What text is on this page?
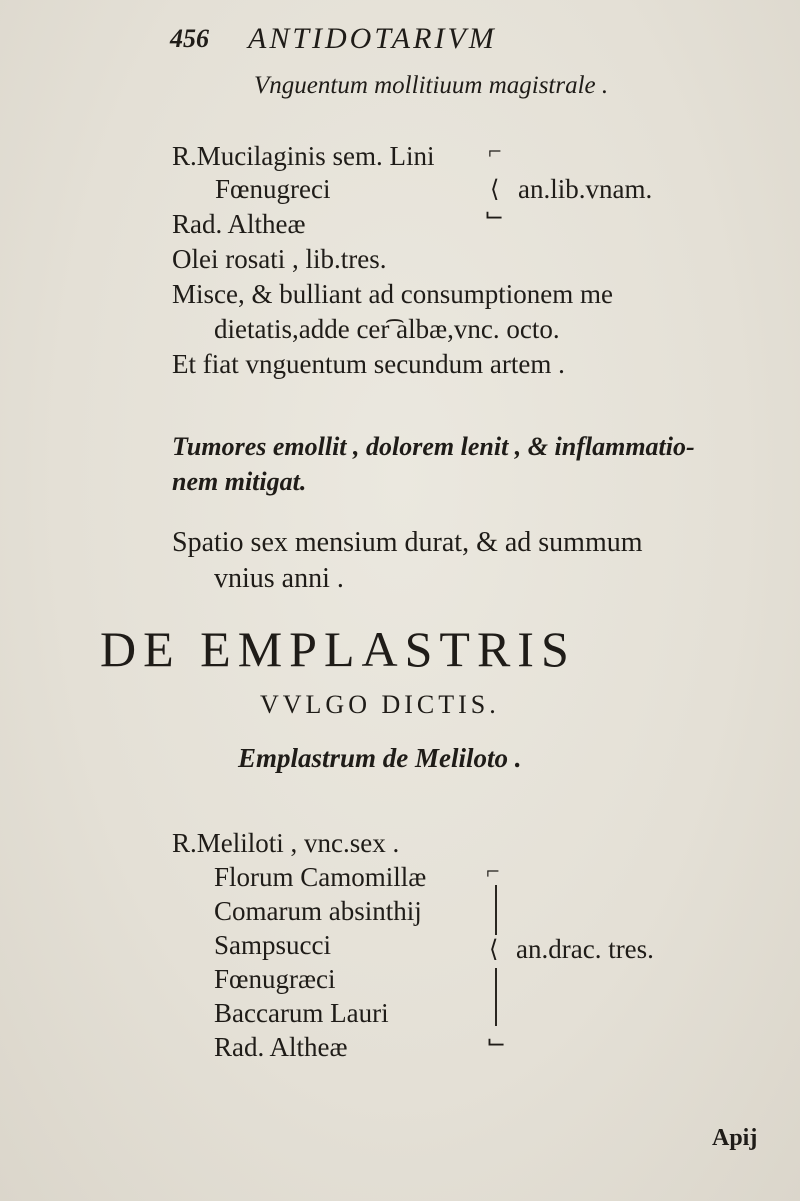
456 ANTIDOTARIVM
Vnguentum mollitiuum magistrale .
R.Mucilaginis sem. Lini ⌐
Fœnugreci	⟨ an.lib.vnam.
Rad. Altheæ	⌙
Olei rosati , lib.tres.
Misce, & bulliant ad consumptionem me
dietatis,adde cer͡ albæ,vnc. octo.
Et fiat vnguentum secundum artem .
Tumores emollit , dolorem lenit , & inflammatio-
nem mitigat.
Spatio sex mensium durat, & ad summum
vnius anni .
DE EMPLASTRIS
VVLGO DICTIS.
Emplastrum de Meliloto .
R.Meliloti , vnc.sex .
Florum Camomillæ
Comarum absinthij
Sampsucci
Fœnugræci
Baccarum Lauri
Rad. Altheæ
⌐
⟨
⌙
an.drac. tres.
Apij
